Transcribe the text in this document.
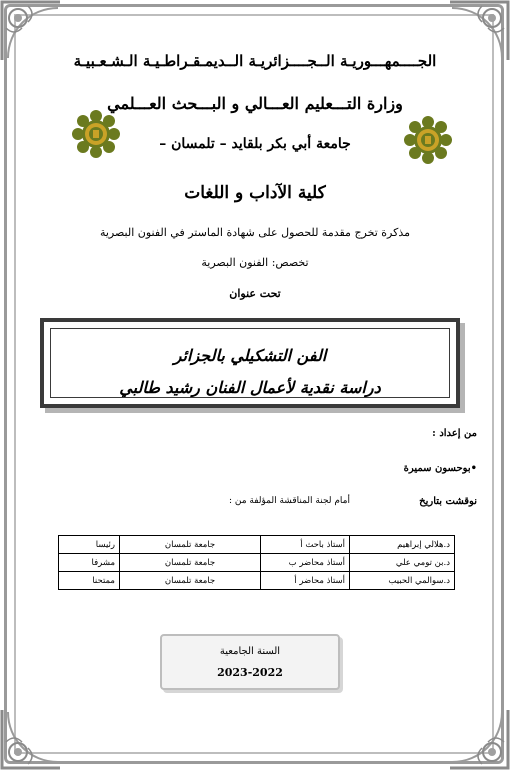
الجــــمهـــوريـة الــجــــزائريـة الــديمـقـراطـيـة الـشـعـبيـة
وزارة التـــعليم العـــالي و البـــحث العـــلمي
جامعة أبي بكر بلقايد – تلمسان –
كلية الآداب و اللغات
مذكرة تخرج مقدمة للحصول على شهادة الماستر في الفنون البصرية
تخصص: الفنون البصرية
تحت عنوان
الفن التشكيلي بالجزائر
دراسة نقدية لأعمال الفنان رشيد طالبي
من إعداد :
•بوحسون سميرة
نوقشت بتاريخ
أمام لجنة المناقشة المؤلفة من :
د.هلالي إبراهيم	أستاذ باحث أ	جامعة تلمسان	رئيسا
د.بن تومي علي	أستاذ محاضر ب	جامعة تلمسان	مشرفا
د.سوالمي الحبيب	أستاذ محاضر أ	جامعة تلمسان	ممتحنا
السنة الجامعية
2023-2022
